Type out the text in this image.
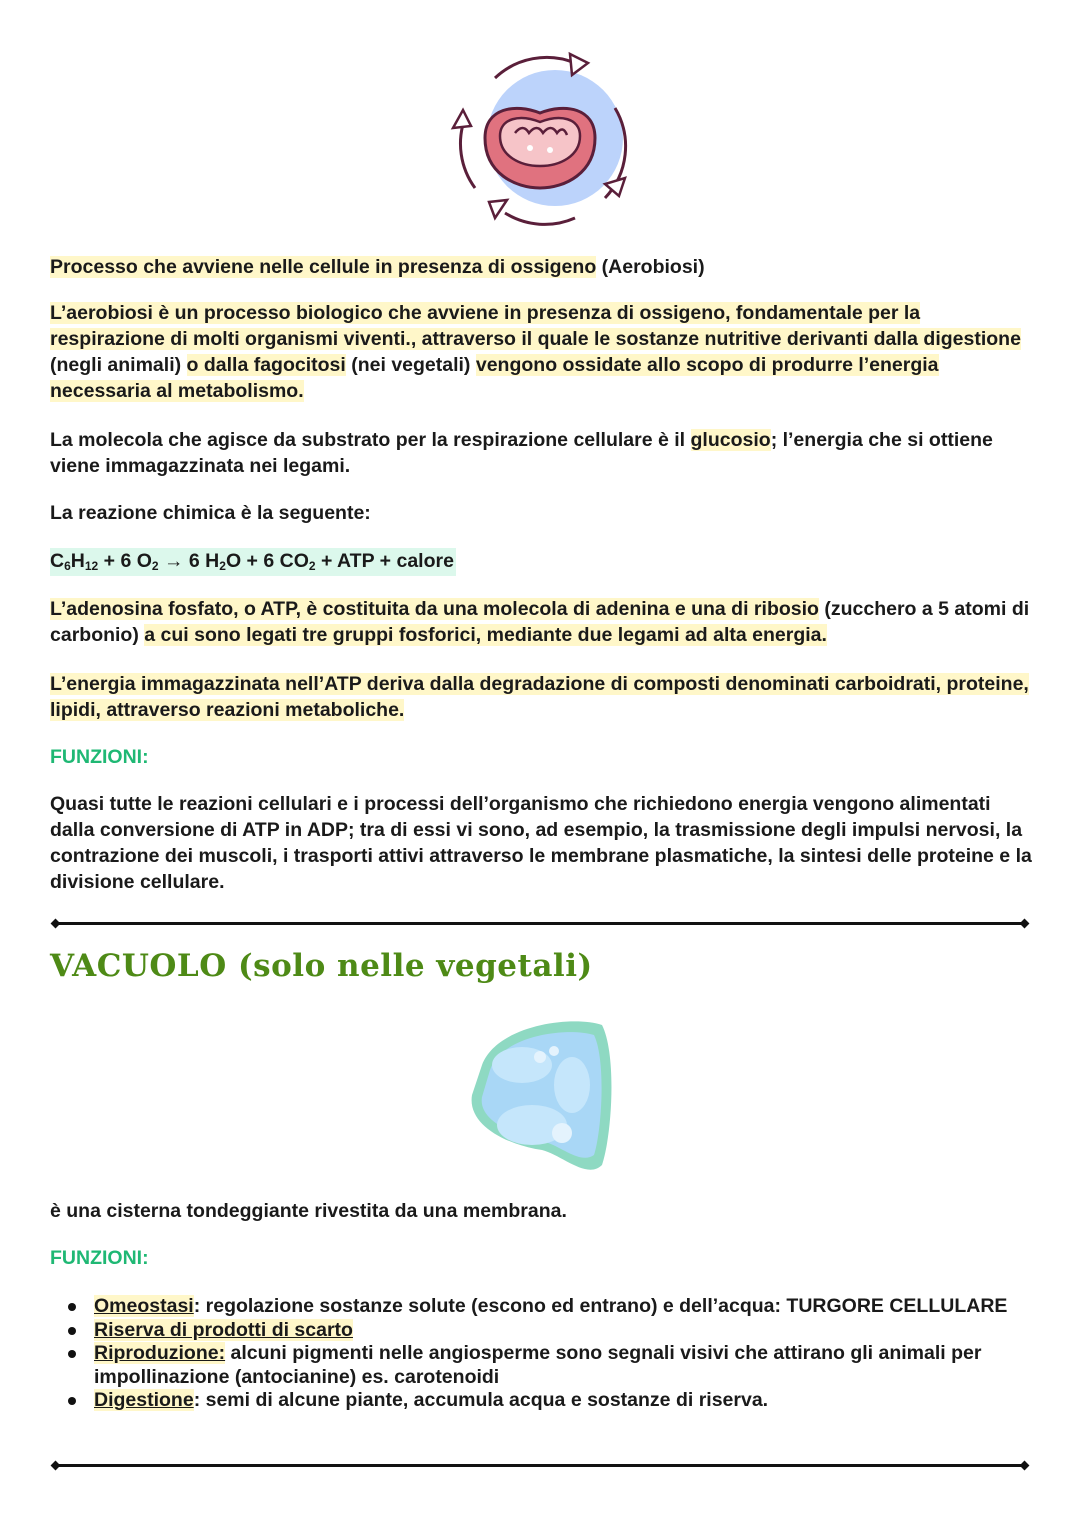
Processo che avviene nelle cellule in presenza di ossigeno (Aerobiosi)
L’aerobiosi è un processo biologico che avviene in presenza di ossigeno, fondamentale per la respirazione di molti organismi viventi., attraverso il quale le sostanze nutritive derivanti dalla digestione (negli animali) o dalla fagocitosi (nei vegetali) vengono ossidate allo scopo di produrre l’energia necessaria al metabolismo.
La molecola che agisce da substrato per la respirazione cellulare è il glucosio; l’energia che si ottiene viene immagazzinata nei legami.
La reazione chimica è la seguente:
$C_6H_{12} + 6$ $O_2 \to 6$ $H_2O + 6$ $CO_2$ + ATP + calore
L’adenosina fosfato, o ATP, è costituita da una molecola di adenina e una di ribosio (zucchero a 5 atomi di carbonio) a cui sono legati tre gruppi fosforici, mediante due legami ad alta energia.
L’energia immagazzinata nell’ATP deriva dalla degradazione di composti denominati carboidrati, proteine, lipidi, attraverso reazioni metaboliche.
FUNZIONI:
Quasi tutte le reazioni cellulari e i processi dell’organismo che richiedono energia vengono alimentati dalla conversione di ATP in ADP; tra di essi vi sono, ad esempio, la trasmissione degli impulsi nervosi, la contrazione dei muscoli, i trasporti attivi attraverso le membrane plasmatiche, la sintesi delle proteine e la divisione cellulare.
VACUOLO (solo nelle vegetali)
è una cisterna tondeggiante rivestita da una membrana.
FUNZIONI:
Omeostasi: regolazione sostanze solute (escono ed entrano) e dell’acqua: TURGORE CELLULARE
Riserva di prodotti di scarto
Riproduzione: alcuni pigmenti nelle angiosperme sono segnali visivi che attirano gli animali per impollinazione (antocianine) es. carotenoidi
Digestione: semi di alcune piante, accumula acqua e sostanze di riserva.
